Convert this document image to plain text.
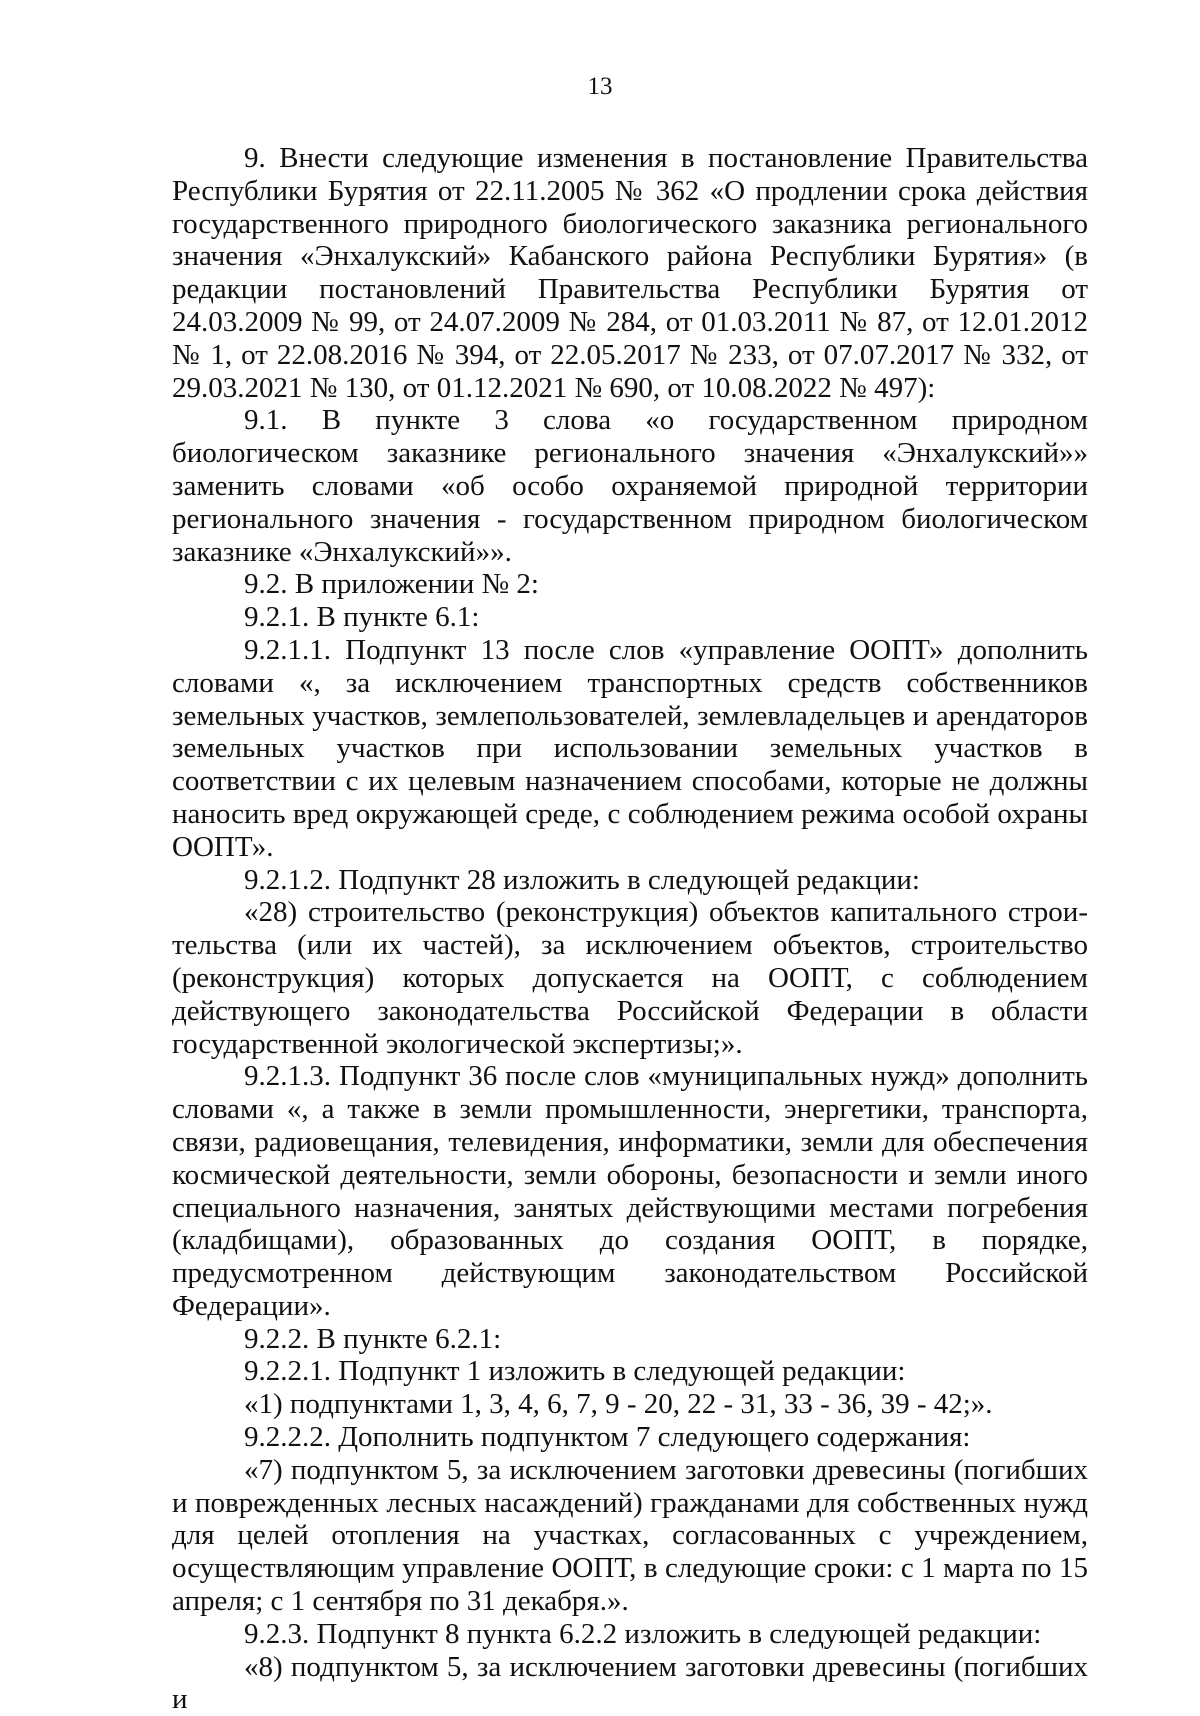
13

9. Внести следующие изменения в постановление Правительства Республики Бурятия от 22.11.2005 № 362 «О продлении срока действия государственного природного биологического заказника регионального значения «Энхалукский» Кабанского района Республики Бурятия» (в редакции постановлений Правительства Республики Бурятия от 24.03.2009 № 99, от 24.07.2009 № 284, от 01.03.2011 № 87, от 12.01.2012 № 1, от 22.08.2016 № 394, от 22.05.2017 № 233, от 07.07.2017 № 332, от 29.03.2021 № 130, от 01.12.2021 № 690, от 10.08.2022 № 497):

9.1. В пункте 3 слова «о государственном природном биологическом заказнике регионального значения «Энхалукский»» заменить словами «об особо охраняемой природной территории регионального значения - государственном природном биологическом заказнике «Энхалукский»».

9.2. В приложении № 2:

9.2.1. В пункте 6.1:

9.2.1.1. Подпункт 13 после слов «управление ООПТ» дополнить словами «, за исключением транспортных средств собственников земельных участков, землепользователей, землевладельцев и арендаторов земельных участков при использовании земельных участков в соответствии с их целевым назначением способами, которые не должны наносить вред окружающей среде, с соблюдением режима особой охраны ООПТ».

9.2.1.2. Подпункт 28 изложить в следующей редакции:

«28) строительство (реконструкция) объектов капитального строительства (или их частей), за исключением объектов, строительство (реконструкция) которых допускается на ООПТ, с соблюдением действующего законодательства Российской Федерации в области государственной экологической экспертизы;».

9.2.1.3. Подпункт 36 после слов «муниципальных нужд» дополнить словами «, а также в земли промышленности, энергетики, транспорта, связи, радиовещания, телевидения, информатики, земли для обеспечения космической деятельности, земли обороны, безопасности и земли иного специального назначения, занятых действующими местами погребения (кладбищами), образованных до создания ООПТ, в порядке, предусмотренном действующим законодательством Российской Федерации».

9.2.2. В пункте 6.2.1:

9.2.2.1. Подпункт 1 изложить в следующей редакции:

«1) подпунктами 1, 3, 4, 6, 7, 9 - 20, 22 - 31, 33 - 36, 39 - 42;».

9.2.2.2. Дополнить подпунктом 7 следующего содержания:

«7) подпунктом 5, за исключением заготовки древесины (погибших и поврежденных лесных насаждений) гражданами для собственных нужд для целей отопления на участках, согласованных с учреждением, осуществляющим управление ООПТ, в следующие сроки: с 1 марта по 15 апреля; с 1 сентября по 31 декабря.».

9.2.3. Подпункт 8 пункта 6.2.2 изложить в следующей редакции:

«8) подпунктом 5, за исключением заготовки древесины (погибших и
